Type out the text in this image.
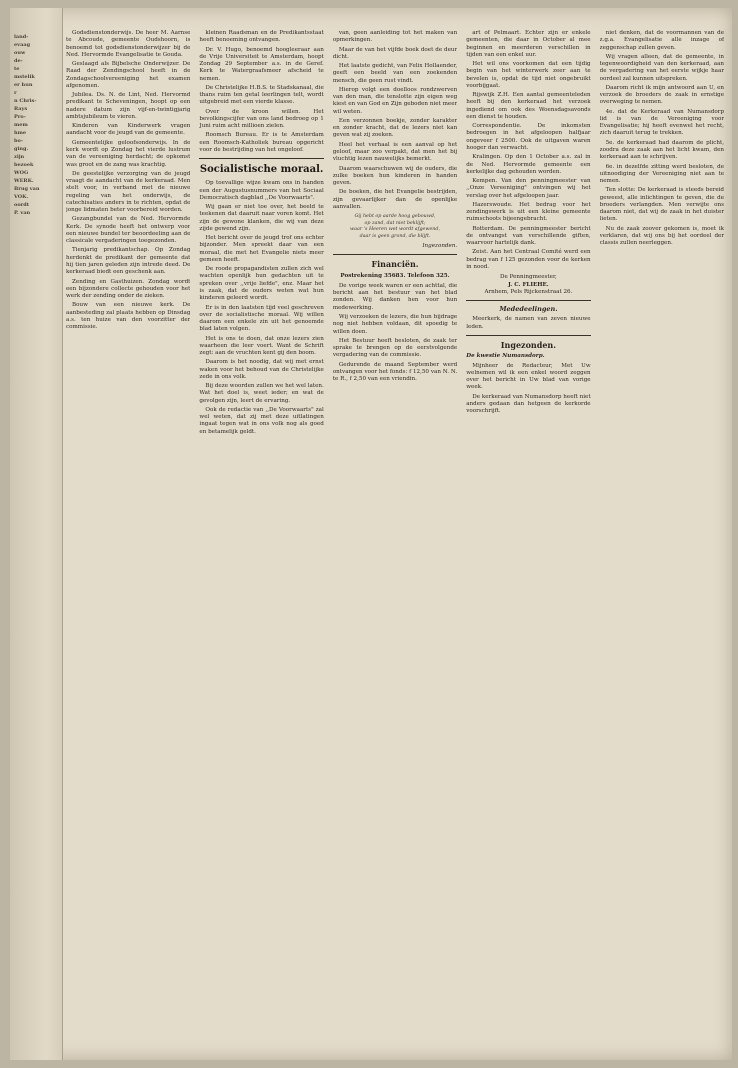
land-
evaag
ouw
de-
te
mstelik
er hun
r
n Chris-
Rays
Pro-
mem
hme
bo-
ging.
zijn
bezoek
WOG
WERK.
Brug van
VOK.
oordt
P. van

Godsdienstonderwijs. De heer M. Aarnse te Abcoude, gemeente Oudshoorn, is benoemd tot godsdienstonderwijzer bij de Ned. Hervormde Evangelisatie te Gouda.

Geslaagd als Bijbelsche Onderwijzer. De Raad der Zendingschool heeft in de Zondagschoolvereeniging het examen afgenomen.

Jubilea. Ds. N. de Lint, Ned. Hervormd predikant te Scheveningen, hoopt op een nadere datum zijn vijf-en-twintigjarig ambtsjubileum te vieren.

Kinderen van Kinderwerk vragen aandacht voor de jeugd van de gemeente.

Gemeentelijke geloofsonderwijs. In de kerk wordt op Zondag het vierde lustrum van de vereeniging herdacht; de opkomst was groot en de zang was krachtig.

De geestelijke verzorging van de jeugd vraagt de aandacht van de kerkeraad. Men stelt voor, in verband met de nieuwe regeling van het onderwijs, de catechisaties anders in te richten, opdat de jonge lidmaten beter voorbereid worden.

Gezangbundel van de Ned. Hervormde Kerk. De synode heeft het ontwerp voor een nieuwe bundel ter beoordeeling aan de classicale vergaderingen toegezonden.

Tienjarig predikantschap. Op Zondag herdenkt de predikant der gemeente dat hij tien jaren geleden zijn intrede deed. De kerkeraad biedt een geschenk aan.

Zending en Gasthuizen. Zondag wordt een bijzondere collecte gehouden voor het werk der zending onder de zieken.

Bouw van een nieuwe kerk. De aanbesteding zal plaats hebben op Dinsdag a.s. ten huize van den voorzitter der commissie.

kleinen Raadsman en de Predikantsstaat heeft benoeming ontvangen.

Dr. V. Hugo, benoemd hoogleeraar aan de Vrije Universiteit te Amsterdam, hoopt Zondag 29 September a.s. in de Geref. Kerk te Watergraafsmeer afscheid te nemen.

De Christelijke H.B.S. te Stadskanaal, die thans ruim ten getal leerlingen telt, wordt uitgebreid met een vierde klasse.

Over de kroon willen. Het bevolkingscijfer van ons land bedroeg op 1 Juni ruim acht millioen zielen.

Roomsch Bureau. Er is te Amsterdam een Roomsch-Katholiek bureau opgericht voor de bestrijding van het ongeloof.

Socialistische moraal.

Op toevallige wijze kwam ons in handen een der Augustusnummers van het Sociaal Democratisch dagblad ,,De Voorwaarts".

Wij gaan er niet toe over, het beeld te teekenen dat daaruit naar voren komt. Het zijn de gewone klanken, die wij van deze zijde gewend zijn.

Het bericht over de jeugd trof ons echter bijzonder. Men spreekt daar van een moraal, die met het Evangelie niets meer gemeen heeft.

De roode propagandisten zullen zich wel wachten openlijk hun gedachten uit te spreken over ,,vrije liefde", enz. Maar het is zaak, dat de ouders weten wat hun kinderen geleerd wordt.

Er is in den laatsten tijd veel geschreven over de socialistische moraal. Wij willen daarom een enkele zin uit het genoemde blad laten volgen.

Het is ons te doen, dat onze lezers zien waarheen die leer voert. Want de Schrift zegt: aan de vruchten kent gij den boom.

Daarom is het noodig, dat wij met ernst waken voor het behoud van de Christelijke zede in ons volk.

Bij deze woorden zullen we het wel laten. Wat het doel is, weet ieder; en wat de gevolgen zijn, leert de ervaring.

Ook de redactie van ,,De Voorwaarts" zal wel weten, dat zij met deze uitlatingen ingaat tegen wat in ons volk nog als goed en betamelijk geldt.

van, geen aanleiding tot het maken van opmerkingen.

Maar de van het vijfde boek doet de deur dicht.

Het laatste gedicht, van Felix Hollaender, geeft een beeld van een zoekenden mensch, die geen rust vindt.

Hierop volgt een doelloos rondzwerven van den man, die tenslotte zijn eigen weg kiest en van God en Zijn geboden niet meer wil weten.

Een verzonnen boekje, zonder karakter en zonder kracht, dat de lezers niet kan geven wat zij zoeken.

Heel het verhaal is een aanval op het geloof, maar zoo verpakt, dat men het bij vluchtig lezen nauwelijks bemerkt.

Daarom waarschuwen wij de ouders, die zulke boeken hun kinderen in handen geven.

De boeken, die het Evangelie bestrijden, zijn gevaarlijker dan de openlijke aanvallen.

Gij hebt op aarde hoog gebouwd,
op zand, dat niet beklijft;
waar 's Heeren wet wordt afgewend,
daar is geen grond, die blijft.
Ingezonden.
Financiën.
Postrekening 35683. Telefoon 325.

De vorige week waren er een achttal, die bericht aan het bestuur van het blad zonden. Wij danken hen voor hun medewerking.

Wij verzoeken de lezers, die hun bijdrage nog niet hebben voldaan, dit spoedig te willen doen.

Het Bestuur heeft besloten, de zaak ter sprake te brengen op de eerstvolgende vergadering van de commissie.

Gedurende de maand September werd ontvangen voor het fonds: f 12,50 van N. N. te R., f 2,50 van een vriendin.

art of Pelmaart. Echter zijn er enkele gemeenten, die daar in October al mee beginnen en meerderen verschillen in tijden van een enkel uur.

Het wil ons voorkomen dat een tijdig begin van het winterwerk zeer aan te bevelen is, opdat de tijd niet ongebruikt voorbijgaat.

Rijswijk Z.H. Een aantal gemeenteleden heeft bij den kerkeraad het verzoek ingediend om ook des Woensdagsavonds een dienst te houden.

Correspondentie. De inkomsten bedroegen in het afgeloopen halfjaar ongeveer f 2500. Ook de uitgaven waren hooger dan verwacht.

Kralingen. Op den 1 October a.s. zal in de Ned. Hervormde gemeente een kerkelijke dag gehouden worden.

Kempen. Van den penningmeester van ,,Onze Vereeniging" ontvingen wij het verslag over het afgeloopen jaar.

Hazerswoude. Het bedrag voor het zendingswerk is uit een kleine gemeente ruimschoots bijeengebracht.

Rotterdam. De penningmeester bericht de ontvangst van verschillende giften, waarvoor hartelijk dank.

Zeist. Aan het Centraal Comité werd een bedrag van f 125 gezonden voor de kerken in nood.

De Penningmeester,
J. C. FLIEHE.
Arnhem, Pels Rijckenstraat 26.
Mededeelingen.

Meerkerk, de namen van zeven nieuwe leden.

Ingezonden.
De kwestie Numansdorp.

Mijnheer de Redacteur, Met Uw welnemen wil ik een enkel woord zeggen over het bericht in Uw blad van vorige week.

De kerkeraad van Numansdorp heeft niet anders gedaan dan hetgeen de kerkorde voorschrijft.

niet denken, dat de voormannen van de z.g.a. Evangelisatie alle inzage of zeggenschap zullen geven.

Wij vragen alleen, dat de gemeente, in tegenwoordigheid van den kerkeraad, aan de vergadering van het eerste wijkje haar oordeel zal kunnen uitspreken.

Daarom richt ik mijn antwoord aan U, en verzoek de broeders de zaak in ernstige overweging te nemen.

4e. dat de Kerkeraad van Numansdorp lid is van de Vereeniging voor Evangelisatie; hij heeft evenwel het recht, zich daaruit terug te trekken.

5e. de kerkeraad had daarom de plicht, zoodra deze zaak aan het licht kwam, den kerkeraad aan te schrijven.

6e. in dezelfde zitting werd besloten, de uitnoodiging der Vereeniging niet aan te nemen.

Ten slotte: De kerkeraad is steeds bereid geweest, alle inlichtingen te geven, die de broeders verlangden. Men verwijte ons daarom niet, dat wij de zaak in het duister lieten.

Nu de zaak zoover gekomen is, moet ik verklaren, dat wij ons bij het oordeel der classis zullen neerleggen.
